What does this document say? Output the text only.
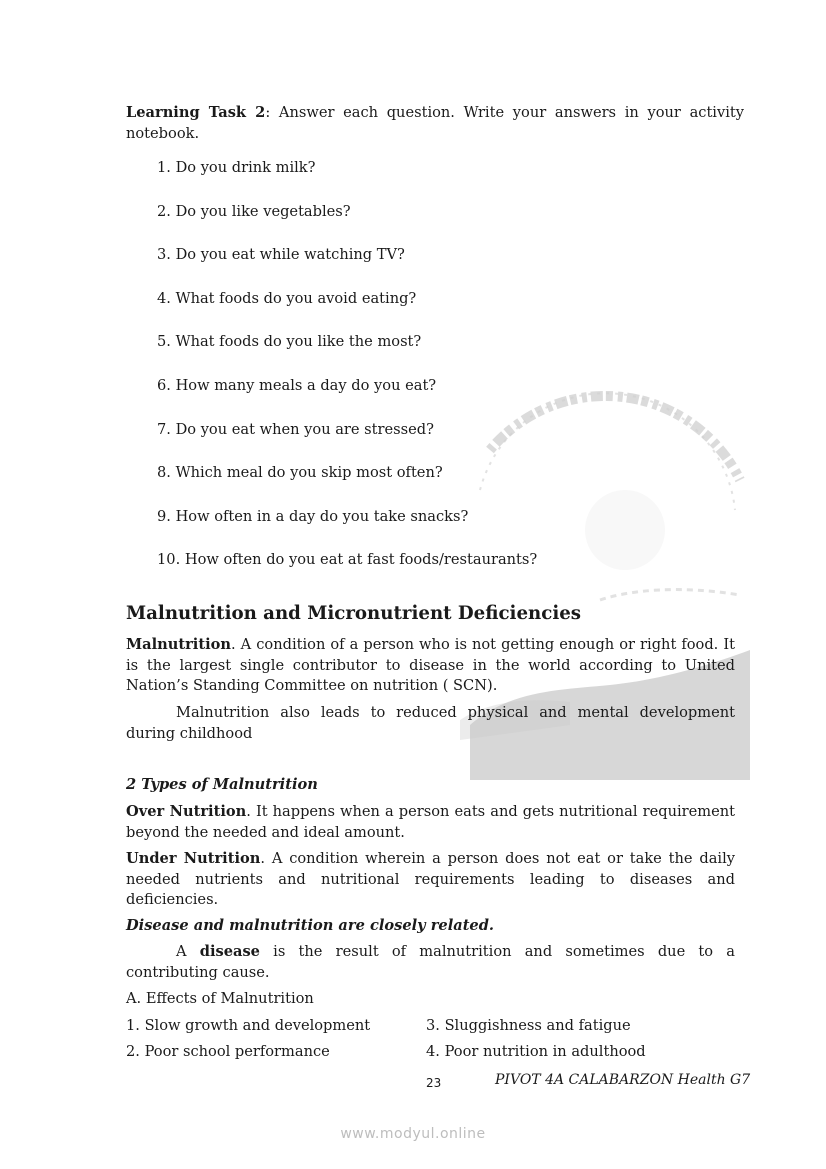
Learning Task 2: Answer each question. Write your answers in your activity notebook.
1. Do you drink milk?
2. Do you like vegetables?
3. Do you eat while watching TV?
4. What foods do you avoid eating?
5. What foods do you like the most?
6. How many meals a day do you eat?
7. Do you eat when you are stressed?
8. Which meal do you skip most often?
9. How often in a day do you take snacks?
10. How often do you eat at fast foods/restaurants?
Malnutrition and Micronutrient Deficiencies
Malnutrition. A condition of a person who is not getting enough or right food. It is the largest single contributor to disease in the world according to United Nation’s Standing Committee on nutrition ( SCN).
Malnutrition also leads to reduced physical and mental development during childhood
2 Types of Malnutrition
Over Nutrition. It happens when a person eats and gets nutritional requirement beyond the needed and ideal amount.
Under Nutrition. A condition wherein a person does not eat or take the daily needed nutrients and nutritional requirements leading to diseases and deficiencies.
Disease and malnutrition are closely related.
A disease is the result of malnutrition and sometimes due to a contributing cause.
A. Effects of Malnutrition
1. Slow growth and development
2. Poor school performance
3. Sluggishness and fatigue
4. Poor nutrition in adulthood
23	PIVOT 4A CALABARZON Health G7
www.modyul.online
